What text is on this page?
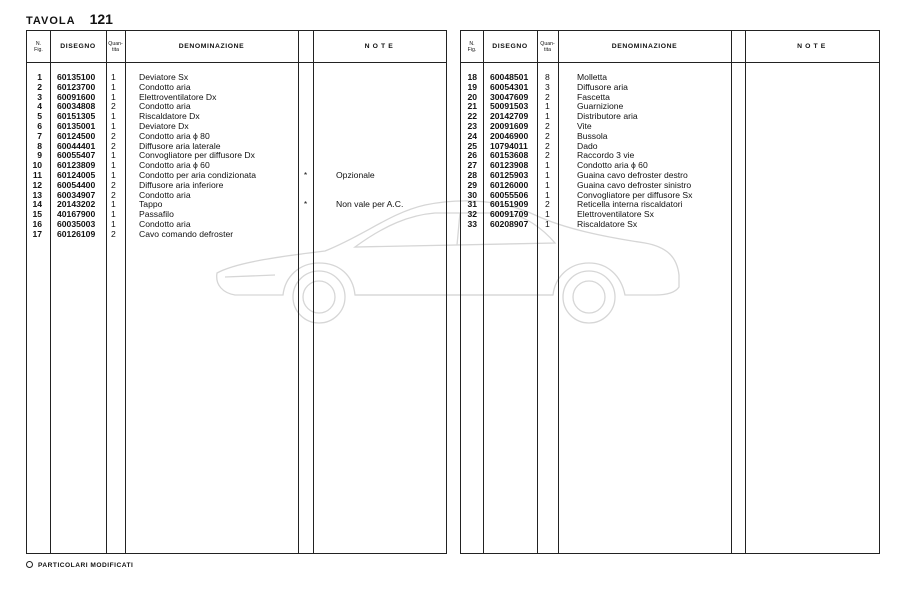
TAVOLA 121
N.
Fig.	DISEGNO	Quan-
tita	DENOMINAZIONE	N O T E
1 60135100 1	Deviatore Sx
2 60123700 1	Condotto aria
3 60091600 1	Elettroventilatore Dx
4 60034808 2	Condotto aria
5 60151305 1	Riscaldatore Dx
6 60135001 1	Deviatore Dx
7 60124500 2	Condotto aria ϕ 80
8 60044401 2	Diffusore aria laterale
9 60055407 1	Convogliatore per diffusore Dx
10 60123809 1	Condotto aria ϕ 60
11 60124005 1	Condotto per aria condizionata	*	Opzionale
12 60054400 2	Diffusore aria inferiore
13 60034907 2	Condotto aria
14 20143202 1	Tappo	*	Non vale per A.C.
15 40167900 1	Passafilo
16 60035003 1	Condotto aria
17 60126109 2	Cavo comando defroster
N.
Fig.	DISEGNO	Quan-
tita	DENOMINAZIONE	N O T E
18 60048501 8	Molletta
19 60054301 3	Diffusore aria
20 30047609 2	Fascetta
21 50091503 1	Guarnizione
22 20142709 1	Distributore aria
23 20091609 2	Vite
24 20046900 2	Bussola
25 10794011 2	Dado
26 60153608 2	Raccordo 3 vie
27 60123908 1	Condotto aria ϕ 60
28 60125903 1	Guaina cavo defroster destro
29 60126000 1	Guaina cavo defroster sinistro
30 60055506 1	Convogliatore per diffusore Sx
31 60151909 2	Reticella interna riscaldatori
32 60091709 1	Elettroventilatore Sx
33 60208907 1	Riscaldatore Sx
PARTICOLARI MODIFICATI
